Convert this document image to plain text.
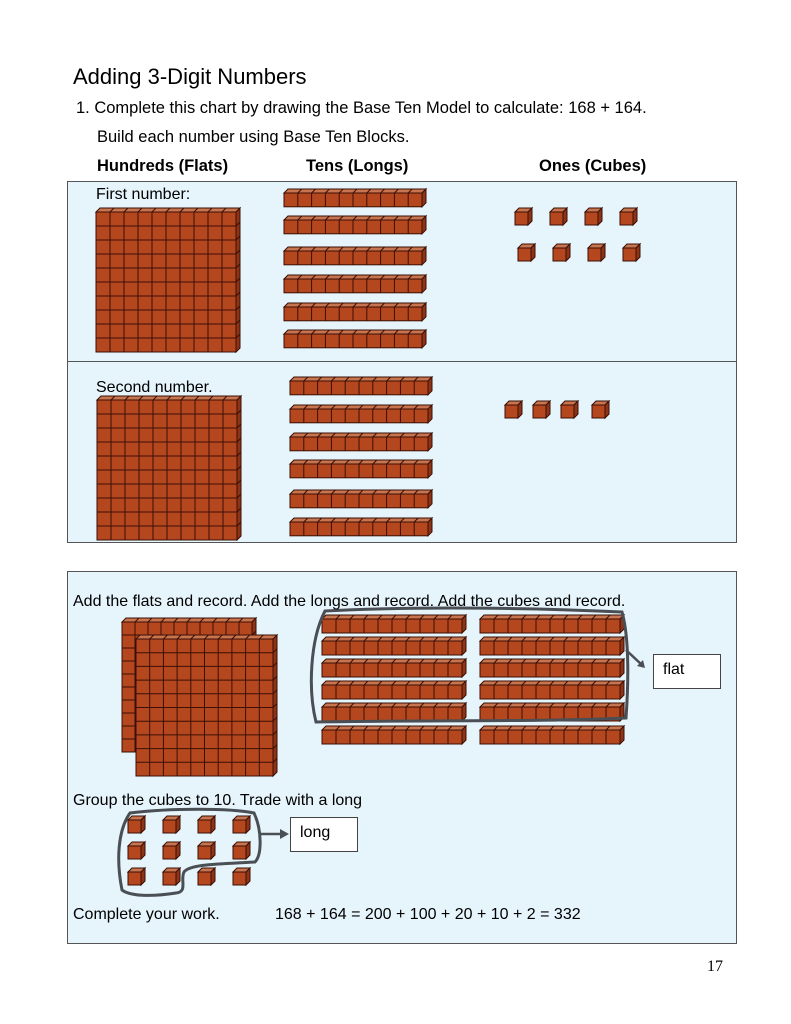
Adding 3-Digit Numbers
1. Complete this chart by drawing the Base Ten Model to calculate: 168 + 164.
Build each number using Base Ten Blocks.
Hundreds (Flats)	Tens (Longs)	Ones (Cubes)
First number:
Second number.
Add the flats and record. Add the longs and record. Add the cubes and record.
flat
Group the cubes to 10. Trade with a long
long
Complete your work.	168 + 164 = 200 + 100 + 20 + 10 + 2 = 332
17
